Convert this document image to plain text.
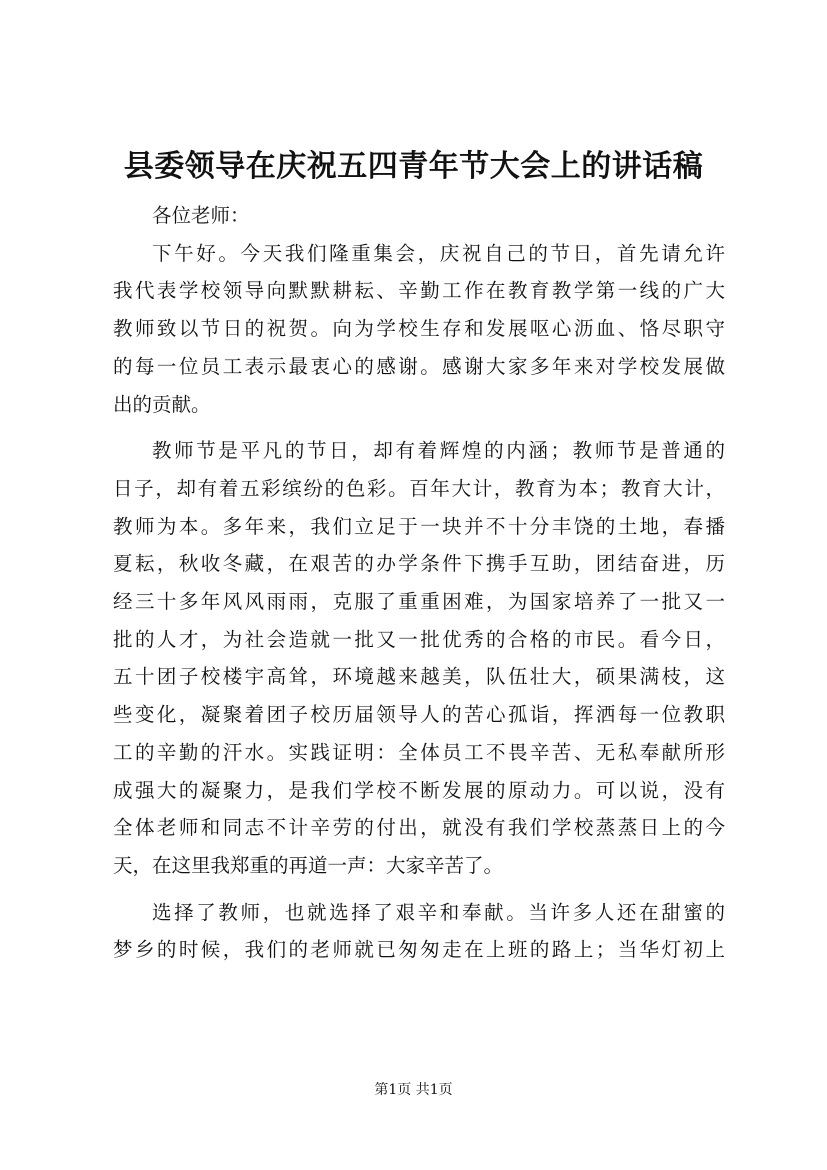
县委领导在庆祝五四青年节大会上的讲话稿
各位老师：
下午好。今天我们隆重集会，庆祝自己的节日，首先请允许
我代表学校领导向默默耕耘、辛勤工作在教育教学第一线的广大
教师致以节日的祝贺。向为学校生存和发展呕心沥血、恪尽职守
的每一位员工表示最衷心的感谢。感谢大家多年来对学校发展做
出的贡献。
教师节是平凡的节日，却有着辉煌的内涵；教师节是普通的
日子，却有着五彩缤纷的色彩。百年大计，教育为本；教育大计，
教师为本。多年来，我们立足于一块并不十分丰饶的土地，春播
夏耘，秋收冬藏，在艰苦的办学条件下携手互助，团结奋进，历
经三十多年风风雨雨，克服了重重困难，为国家培养了一批又一
批的人才，为社会造就一批又一批优秀的合格的市民。看今日，
五十团子校楼宇高耸，环境越来越美，队伍壮大，硕果满枝，这
些变化，凝聚着团子校历届领导人的苦心孤诣，挥洒每一位教职
工的辛勤的汗水。实践证明：全体员工不畏辛苦、无私奉献所形
成强大的凝聚力，是我们学校不断发展的原动力。可以说，没有
全体老师和同志不计辛劳的付出，就没有我们学校蒸蒸日上的今
天，在这里我郑重的再道一声：大家辛苦了。
选择了教师，也就选择了艰辛和奉献。当许多人还在甜蜜的
梦乡的时候，我们的老师就已匆匆走在上班的路上；当华灯初上
第1页 共1页
